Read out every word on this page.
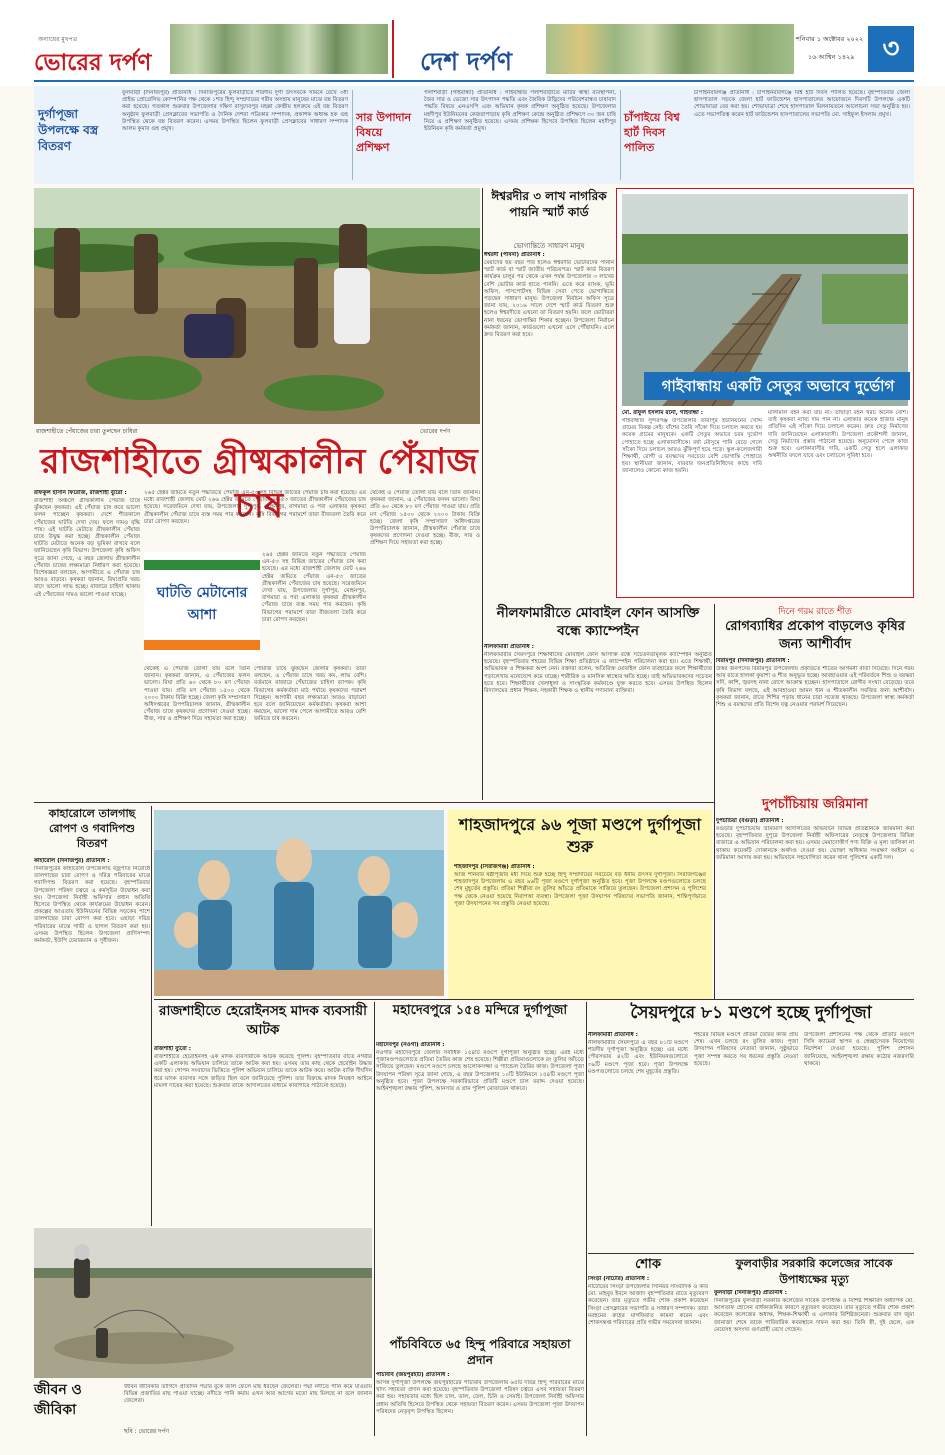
অন্যায়ের মুখপত্র
ভোরের দর্পণ	দেশ দর্পণ
শনিবার ১ অক্টোবর ২০২২
১৬ আশ্বিন ১৪২৯	৩
দুর্গাপূজা উপলক্ষে বস্ত্র বিতরণ
ফুলবাড়ী (দিনাজপুর) প্রতিনিধি : দিনাজপুরের ফুলবাড়ীতে শারদীয় দুর্গা উৎসবকে সামনে রেখে ৩ধা প্রাইভ প্রোগ্রেসিভ কোম্পানির পক্ষ থেকে ১শত হিন্দু সম্প্রদায়ের গরীব অসহায় মানুষের মাঝে বস্ত্র বিতরণ করা হয়েছে। গতকাল শুক্রবার উপজেলার দক্ষিণ বাসুদেবপুর মহল্লা কেন্দ্রীয় হলরুমে এই বস্ত্র বিতরণ অনুষ্ঠান ফুলবাড়ী প্রেসক্লাবের সভাপতি ও দৈনিক দেশবা পত্রিকার সম্পাদক, প্রকাশক অধ্যক্ষ হক গুহ উপস্থিত থেকে বস্ত্র বিতরণ করেন। এসময় উপস্থিত ছিলেন ফুলবাড়ী প্রেসক্লাবের সাধারণ সম্পাদক আলম কুমার গুহ প্রমুখ।
সার উপাদান বিষয়ে প্রশিক্ষণ
পলাশবাড়ী (গাইবান্ধা) প্রতিনিধি : গাইবান্ধার পলাশবাড়ীতে মাটির স্বাস্থ্য ব্যবস্থাপনা, জৈব সার ও ভেজো সার উৎপাদন পদ্ধতি এবং জৈবিক উদ্ভিদের পরিবেশবান্ধব চাষাবাদ পদ্ধতি বিষয়ে এনএসপি এবং অভিযান কৃষক প্রশিক্ষণ অনুষ্ঠিত হয়েছে। উপজেলার মহদীপুর ইউনিয়নের কেজরাপাড়ায় কৃষি প্রশিক্ষণ কেন্দ্রে অনুষ্ঠিত প্রশিক্ষণে ৩০ জন চাষি নিয়ে এ প্রশিক্ষণ অনুষ্ঠিত হয়েছে। এসময় প্রশিক্ষক হিসেবে উপস্থিত ছিলেন মহদীপুর ইউনিয়ন কৃষি কর্মকর্তা প্রমুখ।
চাঁপাইয়ে বিশ্ব হার্ট দিবস পালিত
চাঁপাইনবাবগঞ্জ প্রতিনিধি : চাঁপাইনবাবগঞ্জে বিশ্ব হার্ট দিবস পালিত হয়েছে। বৃহস্পতিবার জেলা হাসপাতাল সড়কে জেলা হার্ট ফাউন্ডেশন হাসপাতালের আয়োজনে দিবসটি উপলক্ষে একটি শোভাযাত্রা বের করা হয়। শোভাযাত্রা শেষে হাসপাতাল মিলনায়তনে আলোচনা সভা অনুষ্ঠিত হয়। এতে সভাপতিত্ব করেন হার্ট ফাউন্ডেশন হাসপাতালের সভাপতি মো. সাইফুল ইসলাম প্রমুখ।
রাজশাহীতে পেঁয়াজের চারা তুলছেন চাষিরা	ভোরের দর্পণ
ঈশ্বরদীর ৩ লাখ নাগরিক পায়নি স্মার্ট কার্ড
ভোগান্তিতে সাধারণ মানুষ
ঈশ্বরদী (পাবনা) প্রতিনিধি :
মেয়াদের ছয় বছর পার হলেও ঈশ্বরদীর ভোটারদের পাননি স্মার্ট কার্ড বা স্মার্ট জাতীয় পরিচয়পত্র। স্মার্ট কার্ড বিতরণ কার্যক্রম চালুর পর থেকে এখন পর্যন্ত উপজেলার ৩ লাখের বেশি ভোটার কার্ড হাতে পাননি। এতে করে ব্যাংক, ভূমি অফিস, পাসপোর্টসহ বিভিন্ন সেবা পেতে ভোগান্তিতে পড়ছেন সাধারণ মানুষ। উপজেলা নির্বাচন অফিস সূত্রে জানা যায়, ২০১৬ সালে দেশে স্মার্ট কার্ড বিতরণ শুরু হলেও ঈশ্বরদীতে এখনো তা বিতরণ হয়নি। ফলে ভোটাররা নানা ধরনের ভোগান্তির শিকার হচ্ছেন। উপজেলা নির্বাচন কর্মকর্তা জানান, কার্ডগুলো এখনো এসে পৌঁছায়নি। এলে দ্রুত বিতরণ করা হবে।
গাইবান্ধায় একটি সেতুর অভাবে দুর্ভোগ
মো. রাফুল ইসলাম রনো, গাইবান্ধা :
গাইবান্ধার সুন্দরগঞ্জ উপজেলার তারাপুর ইউনিয়নের খোদ্দ গ্রামের বিকল্প নেই। বাঁশের তৈরি সাঁকো দিয়ে চলাচল করতে হয় কয়েক গ্রামের মানুষকে। একটি সেতুর অভাবে চরম দুর্ভোগ পোহাতে হচ্ছে এলাকাবাসীকে। বর্ষা মৌসুমে পানি বেড়ে গেলে সাঁকো দিয়ে চলাচল আরও ঝুঁকিপূর্ণ হয়ে পড়ে। স্কুল-কলেজগামী শিক্ষার্থী, রোগী ও বয়স্কদের সবচেয়ে বেশি ভোগান্তি পোহাতে হয়। স্থানীয়রা জানান, বারবার জনপ্রতিনিধিদের কাছে দাবি জানালেও কোনো কাজ হয়নি।
মালামাল বহন করা যায় না। তাছাড়া বহন খরচ অনেক বেশি। তাই কৃষকরা ন্যায্য দাম পান না। এলাকার কয়েক হাজার মানুষ প্রতিদিন এই সাঁকো দিয়ে চলাচল করেন। দ্রুত সেতু নির্মাণের দাবি জানিয়েছেন এলাকাবাসী। উপজেলা প্রকৌশলী জানান, সেতু নির্মাণের প্রস্তাব পাঠানো হয়েছে। অনুমোদন পেলে কাজ শুরু হবে। এলাকাবাসীর দাবি, একটি সেতু হলে এলাকার অর্থনীতি বদলে যাবে এবং চলাচলে সুবিধা হবে।
রাজশাহীতে গ্রীষ্মকালীন পেঁয়াজ চাষ
রফিকুল হাসান ফিরোজ, রাজশাহী ব্যুরো :
রাজশাহী অঞ্চলে গ্রীষ্মকালীন পেঁয়াজ চাষে ঝুঁকছেন কৃষকরা। এই পেঁয়াজ চাষ করে ভালো ফলন পাচ্ছেন কৃষকরা। দেশে শীতকালে পেঁয়াজের ঘাটতি দেখা দেয়। ফলে দামও বৃদ্ধি পায়। এই ঘাটতি মেটাতে গ্রীষ্মকালীন পেঁয়াজ চাষে উদ্বুদ্ধ করা হচ্ছে। গ্রীষ্মকালীন পেঁয়াজ ঘাটতি মেটাতে অনেক বড় ভূমিকা রাখবে বলে জানিয়েছেন কৃষি বিভাগ। উপজেলা কৃষি অফিস সূত্রে জানা গেছে, এ বছর জেলায় গ্রীষ্মকালীন পেঁয়াজ চাষের লক্ষ্যমাত্রা নির্ধারণ করা হয়েছে। বিশেষজ্ঞরা বলছেন, আগামীতে এ পেঁয়াজ চাষ আরও বাড়বে। কৃষকরা জানান, বিঘাপ্রতি খরচ বাদে ভালো লাভ হচ্ছে। বাজারে চাহিদা থাকায় এই পেঁয়াজের দামও ভালো পাওয়া যাচ্ছে।
২৬৫ হেক্টর জমিতে নতুন পদ্ধতিতে পেঁয়াজ এন-৫৩ সহ বিভিন্ন জাতের পেঁয়াজ চাষ করা হয়েছে। এর মধ্যে রাজশাহী জেলায় মোট ২৬৬ হেক্টর জমিতে পেঁয়াজ এন-৫৩ জাতের গ্রীষ্মকালীন পেঁয়াজের চাষ হয়েছে। সরেজমিনে দেখা যায়, উপজেলার দুর্গাপুর, মোহনপুর, বাগমারা ও পবা এলাকার কৃষকরা গ্রীষ্মকালীন পেঁয়াজ চাষে ব্যস্ত সময় পার করছেন। কৃষি বিভাগের পরামর্শে তারা বীজতলা তৈরি করে চারা রোপণ করছেন।
ঘাটতি মেটানোর আশা
২৬৫ হেক্টর জমিতে নতুন পদ্ধতিতে পেঁয়াজ এন-৫৩ সহ বিভিন্ন জাতের পেঁয়াজ চাষ করা হয়েছে। এর মধ্যে রাজশাহী জেলায় মোট ২৬৬ হেক্টর জমিতে পেঁয়াজ এন-৫৩ জাতের গ্রীষ্মকালীন পেঁয়াজের চাষ হয়েছে। সরেজমিনে দেখা যায়, উপজেলার দুর্গাপুর, মোহনপুর, বাগমারা ও পবা এলাকার কৃষকরা গ্রীষ্মকালীন পেঁয়াজ চাষে ব্যস্ত সময় পার করছেন। কৃষি বিভাগের পরামর্শে তারা বীজতলা তৈরি করে চারা রোপণ করছেন।
থেকেই এ পেঁয়াজ তোলা যায় বলে তিনি জানান। কৃষকরা জানান, এ পেঁয়াজের ফলন ভালো। বিঘা প্রতি ৬০ থেকে ৮০ মণ পেঁয়াজ পাওয়া যায়। প্রতি মণ পেঁয়াজ ১৫০০ থেকে ২০০০ টাকায় বিক্রি হচ্ছে। জেলা কৃষি সম্প্রসারণ অধিদপ্তরের উপপরিচালক জানান, গ্রীষ্মকালীন পেঁয়াজ চাষে কৃষকদের প্রণোদনা দেওয়া হচ্ছে। বীজ, সার ও প্রশিক্ষণ দিয়ে সহায়তা করা হচ্ছে।
পোঁয়াজ চাষে ঝুঁকছেন জেলার কৃষকরা। তারা বলছেন, এ পেঁয়াজ চাষে খরচ কম, লাভ বেশি। বর্তমানে বাজারে পেঁয়াজের চাহিদা ব্যাপক। কৃষি বিভাগের কর্মকর্তারা মাঠ পর্যায়ে কৃষকদের পরামর্শ দিচ্ছেন। আগামী বছর লক্ষ্যমাত্রা আরও বাড়ানো হবে বলে জানিয়েছেন কর্মকর্তারা। কৃষকরা আশা করছেন, ভালো দাম পেলে আগামীতে আরও বেশি জমিতে চাষ করবেন।
থেকেই এ পেঁয়াজ তোলা যায় বলে তিনি জানান। কৃষকরা জানান, এ পেঁয়াজের ফলন ভালো। বিঘা প্রতি ৬০ থেকে ৮০ মণ পেঁয়াজ পাওয়া যায়। প্রতি মণ পেঁয়াজ ১৫০০ থেকে ২০০০ টাকায় বিক্রি হচ্ছে। জেলা কৃষি সম্প্রসারণ অধিদপ্তরের উপপরিচালক জানান, গ্রীষ্মকালীন পেঁয়াজ চাষে কৃষকদের প্রণোদনা দেওয়া হচ্ছে। বীজ, সার ও প্রশিক্ষণ দিয়ে সহায়তা করা হচ্ছে।
নীলফামারীতে মোবাইল ফোন আসক্তি বন্ধে ক্যাম্পেইন
নীলফামারী প্রতিনিধি :
নীলফামারীর সৈয়দপুরে শিক্ষার্থীদের মোবাইল ফোন আসক্তি বন্ধে সচেতনতামূলক ক্যাম্পেইন অনুষ্ঠিত হয়েছে। বৃহস্পতিবার শহরের বিভিন্ন শিক্ষা প্রতিষ্ঠানে এ ক্যাম্পেইন পরিচালনা করা হয়। এতে শিক্ষার্থী, অভিভাবক ও শিক্ষকরা অংশ নেন। বক্তারা বলেন, অতিরিক্ত মোবাইল ফোন ব্যবহারের ফলে শিক্ষার্থীদের পড়ালেখায় মনোযোগ কমে যাচ্ছে। শারীরিক ও মানসিক স্বাস্থ্যের ক্ষতি হচ্ছে। তাই অভিভাবকদের সচেতন হতে হবে। শিক্ষার্থীদের খেলাধুলা ও সাংস্কৃতিক কর্মকাণ্ডে যুক্ত করতে হবে। এসময় উপস্থিত ছিলেন বিদ্যালয়ের প্রধান শিক্ষক, সহকারী শিক্ষক ও স্থানীয় গণ্যমান্য ব্যক্তিরা।
দিনে গরম রাতে শীত
রোগব্যাধির প্রকোপ বাড়লেও কৃষির জন্য আশীর্বাদ
বিরামপুর (দিনাজপুর) প্রতিনিধি :
উত্তর জনপদের বিরামপুর উপজেলায় প্রকৃতিতে শীতের আগমনী বার্তা দিয়েছে। দিনে গরম আর রাতে হালকা কুয়াশা ও শীত অনুভূত হচ্ছে। আবহাওয়ার এই পরিবর্তনে শিশু ও বয়স্করা সর্দি, কাশি, জ্বরসহ নানা রোগে আক্রান্ত হচ্ছেন। হাসপাতালে রোগীর সংখ্যা বেড়েছে। তবে কৃষি বিভাগ বলছে, এই আবহাওয়া আমন ধান ও শীতকালীন সবজির জন্য আশীর্বাদ। কৃষকরা জানান, রাতে শিশির পড়ায় ধানের চারা সতেজ থাকছে। উপজেলা স্বাস্থ্য কর্মকর্তা শিশু ও বয়স্কদের প্রতি বিশেষ যত্ন নেওয়ার পরামর্শ দিয়েছেন।
দুপচাঁচিয়ায় জরিমানা
দুপচাঁচিয়া (বগুড়া) প্রতিনিধি :
বগুড়ার দুপচাঁচিয়ায় ভ্রাম্যমাণ আদালতের অভিযানে বিভিন্ন প্রতিষ্ঠানকে জরিমানা করা হয়েছে। বৃহস্পতিবার দুপুরে উপজেলা নির্বাহী অফিসারের নেতৃত্বে উপজেলার বিভিন্ন বাজারে এ অভিযান পরিচালনা করা হয়। এসময় মেয়াদোত্তীর্ণ পণ্য বিক্রি ও মূল্য তালিকা না থাকায় কয়েকটি দোকানকে অর্থদণ্ড দেওয়া হয়। ভোক্তা অধিকার সংরক্ষণ আইনে এ জরিমানা আদায় করা হয়। অভিযানে সহযোগিতা করেন থানা পুলিশের একটি দল।
কাহারোলে তালগাছ রোপণ ও গবাদিপশু বিতরণ
কাহারোল (দিনাজপুর) প্রতিনিধি :
দিনাজপুরের কাহারোল উপজেলায় বজ্রপাত নিরোধে তালগাছের চারা রোপণ ও দরিদ্র পরিবারের মাঝে গবাদিপশু বিতরণ করা হয়েছে। বৃহস্পতিবার উপজেলা পরিষদ চত্বরে এ কর্মসূচির উদ্বোধন করা হয়। উপজেলা নির্বাহী অফিসার প্রধান অতিথি হিসেবে উপস্থিত থেকে কার্যক্রমের উদ্বোধন করেন। প্রকল্পের আওতায় ইউনিয়নের বিভিন্ন সড়কের পাশে তালগাছের চারা রোপণ করা হবে। এছাড়া দরিদ্র পরিবারের মাঝে গাভী ও ছাগল বিতরণ করা হয়। এসময় উপস্থিত ছিলেন উপজেলা প্রাণিসম্পদ কর্মকর্তা, ইউপি চেয়ারম্যান ও সুধীজন।
শাহজাদপুরে ৯৬ পূজা মণ্ডপে দুর্গাপূজা শুরু
শাহজাদপুর (সিরাজগঞ্জ) প্রতিনিধি :
আজ শনিবার ষষ্ঠীপূজার মধ্য দিয়ে শুরু হচ্ছে হিন্দু সম্প্রদায়ের সবচেয়ে বড় ধর্মীয় উৎসব দুর্গাপূজা। সিরাজগঞ্জের শাহজাদপুর উপজেলায় এ বছর ৯৬টি পূজা মণ্ডপে দুর্গাপূজা অনুষ্ঠিত হবে। পূজা উপলক্ষে মণ্ডপগুলোতে চলছে শেষ মুহূর্তের প্রস্তুতি। প্রতিমা শিল্পীরা রং তুলির আঁচড়ে প্রতিমাকে সাজিয়ে তুলছেন। উপজেলা প্রশাসন ও পুলিশের পক্ষ থেকে নেওয়া হয়েছে নিরাপত্তা ব্যবস্থা। উপজেলা পূজা উদযাপন পরিষদের সভাপতি জানান, শান্তিপূর্ণভাবে পূজা উদযাপনের সব প্রস্তুতি নেওয়া হয়েছে।
রাজশাহীতে হেরোইনসহ মাদক ব্যবসায়ী আটক
রাজশাহী ব্যুরো :
রাজশাহীতে হেরোইনসহ এক মাদক ব্যবসায়ীকে আটক করেছে পুলিশ। বৃহস্পতিবার রাতে নগরীর একটি এলাকায় অভিযান চালিয়ে তাকে আটক করা হয়। এসময় তার কাছ থেকে হেরোইন উদ্ধার করা হয়। গোপন সংবাদের ভিত্তিতে পুলিশ অভিযান চালিয়ে তাকে আটক করে। আটক ব্যক্তি দীর্ঘদিন ধরে মাদক ব্যবসার সঙ্গে জড়িত ছিল বলে জানিয়েছে পুলিশ। তার বিরুদ্ধে মাদক নিয়ন্ত্রণ আইনে মামলা দায়ের করা হয়েছে। শুক্রবার তাকে আদালতের মাধ্যমে কারাগারে পাঠানো হয়েছে।
মহাদেবপুরে ১৫৪ মন্দিরে দুর্গাপূজা
মহাদেবপুর (নওগাঁ) প্রতিনিধি :
নওগাঁর মহাদেবপুরে জেলার সর্বাধিক ১৫৪টি মণ্ডপে দুর্গাপূজা অনুষ্ঠিত হচ্ছে। এরই মধ্যে পূজামণ্ডপগুলোতে প্রতিমা তৈরির কাজ শেষ হয়েছে। শিল্পীরা প্রতিমাগুলোকে রং তুলির আঁচড়ে সাজিয়ে তুলছেন। মণ্ডপে মণ্ডপে চলছে আলোকসজ্জা ও প্যান্ডেল তৈরির কাজ। উপজেলা পূজা উদযাপন পরিষদ সূত্রে জানা গেছে, এ বছর উপজেলার ১০টি ইউনিয়নে ১৫৪টি মণ্ডপে পূজা অনুষ্ঠিত হবে। পূজা উপলক্ষে সরকারিভাবে প্রতিটি মণ্ডপে চাল বরাদ্দ দেওয়া হয়েছে। আইনশৃঙ্খলা রক্ষায় পুলিশ, আনসার ও গ্রাম পুলিশ মোতায়েন থাকবে।
সৈয়দপুরে ৮১ মণ্ডপে হচ্ছে দুর্গাপূজা
নীলফামারী প্রতিনিধি :
নীলফামারীর সৈয়দপুরে এ বছর ৮১টি মণ্ডপে শারদীয় দুর্গাপূজা অনুষ্ঠিত হচ্ছে। এর মধ্যে পৌরসভায় ৪২টি এবং ইউনিয়নগুলোতে ৩৯টি মণ্ডপে পূজা হবে। পূজা উপলক্ষে মণ্ডপগুলোতে চলছে শেষ মুহূর্তের প্রস্তুতি।
শহরের বিভিন্ন মণ্ডপে প্রতিমা তৈরির কাজ প্রায় শেষ। এখন চলছে রং তুলির কাজ। পূজা উদযাপন পরিষদের নেতারা জানান, সুষ্ঠুভাবে পূজা সম্পন্ন করতে সব ধরনের প্রস্তুতি নেওয়া হয়েছে।
উপজেলা প্রশাসনের পক্ষ থেকে প্রতিটি মণ্ডপে সিসি ক্যামেরা স্থাপন ও স্বেচ্ছাসেবক নিয়োগের নির্দেশনা দেওয়া হয়েছে। পুলিশ প্রশাসন জানিয়েছে, আইনশৃঙ্খলা রক্ষায় কঠোর নজরদারি থাকবে।
শোক
সিংড়া (নাটোর) প্রতিনিধি :
নাটোরের সিংড়া উপজেলার সিনিয়র সাংবাদিক ও কবি মো. মাহবুব ইবনে আজাদ বৃহস্পতিবার রাতে মৃত্যুবরণ করেছেন। তার মৃত্যুতে গভীর শোক প্রকাশ করেছেন সিংড়া প্রেসক্লাবের সভাপতি ও সাধারণ সম্পাদক। তারা মরহুমের রুহের মাগফিরাত কামনা করেন এবং শোকসন্তপ্ত পরিবারের প্রতি গভীর সমবেদনা জানান।
ফুলবাড়ীর সরকারি কলেজের সাবেক উপাধ্যক্ষের মৃত্যু
ফুলবাড়ী (দিনাজপুর) প্রতিনিধি :
দিনাজপুরের ফুলবাড়ী সরকারি কলেজের সাবেক উপাধ্যক্ষ ও বিশিষ্ট শিক্ষাবিদ অধ্যাপক মো. আলতাফ হোসেন বার্ধক্যজনিত কারণে মৃত্যুবরণ করেছেন। তার মৃত্যুতে গভীর শোক প্রকাশ করেছেন কলেজের অধ্যক্ষ, শিক্ষক-শিক্ষার্থী ও এলাকার বিশিষ্টজনেরা। শুক্রবার বাদ জুমা জানাজা শেষে তাকে পারিবারিক কবরস্থানে দাফন করা হয়। তিনি স্ত্রী, দুই ছেলে, এক মেয়েসহ অসংখ্য গুণগ্রাহী রেখে গেছেন।
পাঁচবিবিতে ৬৫ হিন্দু পরিবারে সহায়তা প্রদান
পাঁচবিবি (জয়পুরহাট) প্রতিনিধি :
আসন্ন দুর্গাপূজা উপলক্ষে জয়পুরহাটের পাঁচবিবি উপজেলায় ৬৫টি দরিদ্র হিন্দু পরিবারের মাঝে খাদ্য সহায়তা প্রদান করা হয়েছে। বৃহস্পতিবার উপজেলা পরিষদ চত্বরে এসব সহায়তা বিতরণ করা হয়। সহায়তার মধ্যে ছিল চাল, ডাল, তেল, চিনি ও সেমাই। উপজেলা নির্বাহী অফিসার প্রধান অতিথি হিসেবে উপস্থিত থেকে সহায়তা বিতরণ করেন। এসময় উপজেলা পূজা উদযাপন পরিষদের নেতৃবৃন্দ উপস্থিত ছিলেন।
জীবন ও জীবিকা
জীবন জীবিকার তাগিদে প্রতিদিন পদ্মার বুকে জাল ফেলে মাছ ধরছেন জেলেরা। পদ্মা নদীতে পানি কমে যাওয়ায় বিভিন্ন প্রজাতির মাছ পাওয়া যাচ্ছে। নদীতে পানি কমায় এখন আর আগের মতো মাছ মিলছে না বলে জানান জেলেরা।
ছবি : ভোরের দর্পণ
